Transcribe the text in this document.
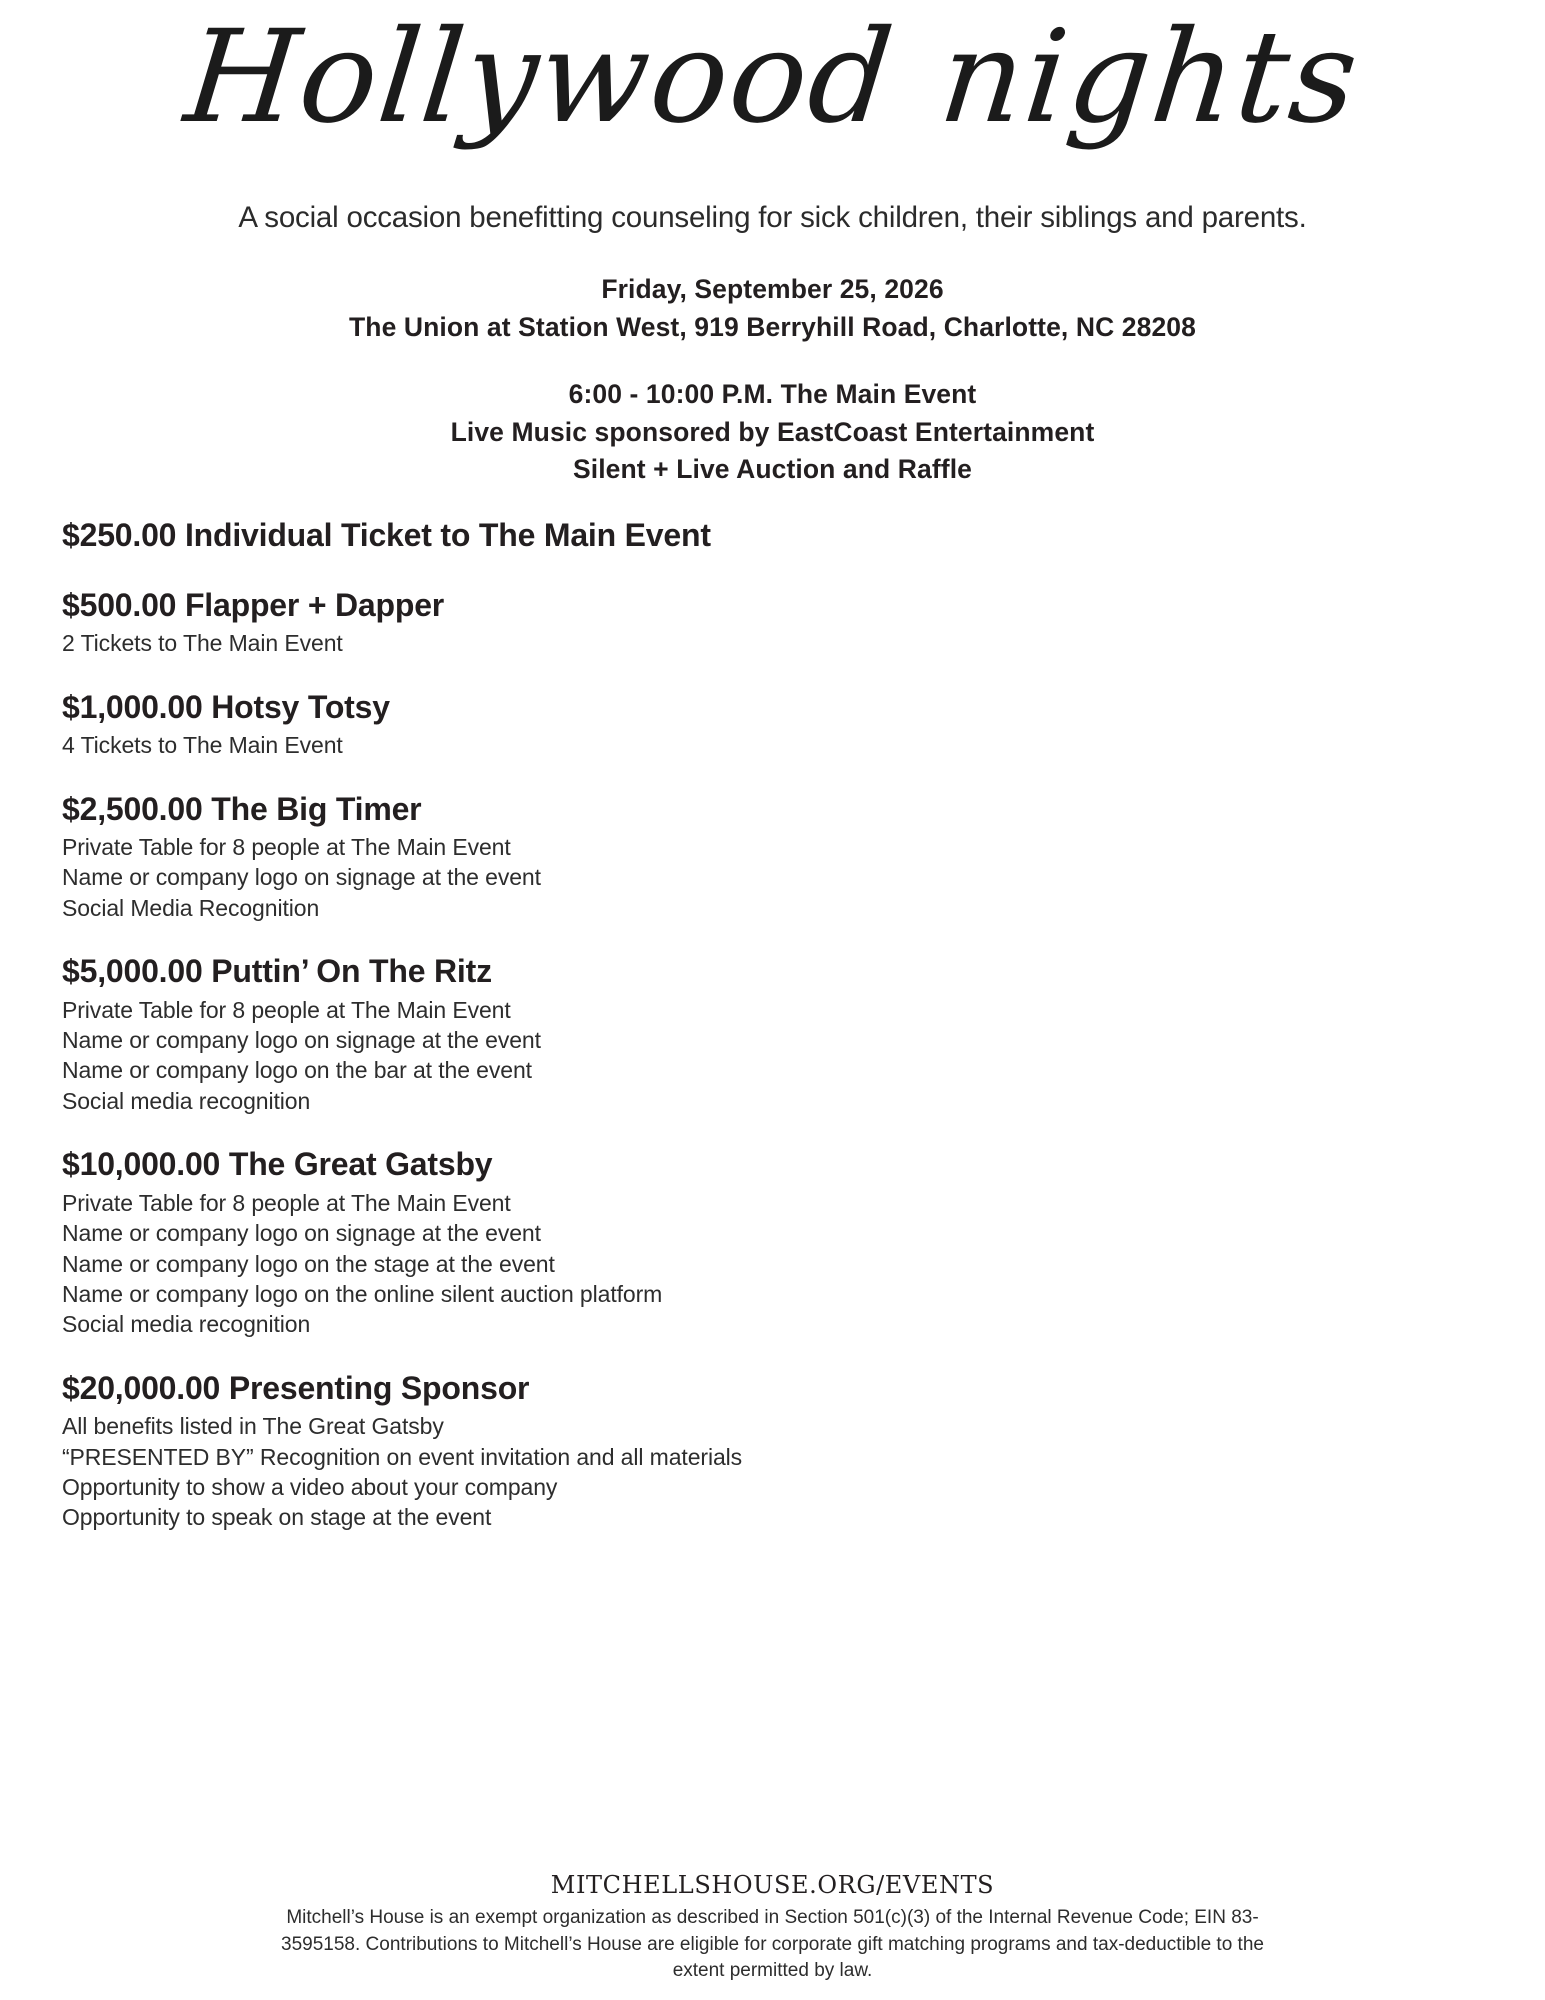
Hollywood nights
A social occasion benefitting counseling for sick children, their siblings and parents.
Friday, September 25, 2026
The Union at Station West, 919 Berryhill Road, Charlotte, NC 28208
6:00 - 10:00 P.M. The Main Event
Live Music sponsored by EastCoast Entertainment
Silent + Live Auction and Raffle
$250.00 Individual Ticket to The Main Event
$500.00 Flapper + Dapper
2 Tickets to The Main Event
$1,000.00 Hotsy Totsy
4 Tickets to The Main Event
$2,500.00 The Big Timer
Private Table for 8 people at The Main Event
Name or company logo on signage at the event
Social Media Recognition
$5,000.00 Puttin’ On The Ritz
Private Table for 8 people at The Main Event
Name or company logo on signage at the event
Name or company logo on the bar at the event
Social media recognition
$10,000.00 The Great Gatsby
Private Table for 8 people at The Main Event
Name or company logo on signage at the event
Name or company logo on the stage at the event
Name or company logo on the online silent auction platform
Social media recognition
$20,000.00 Presenting Sponsor
All benefits listed in The Great Gatsby
“PRESENTED BY” Recognition on event invitation and all materials
Opportunity to show a video about your company
Opportunity to speak on stage at the event
MITCHELLSHOUSE.ORG/EVENTS
Mitchell’s House is an exempt organization as described in Section 501(c)(3) of the Internal Revenue Code; EIN 83-3595158. Contributions to Mitchell’s House are eligible for corporate gift matching programs and tax-deductible to the extent permitted by law.
